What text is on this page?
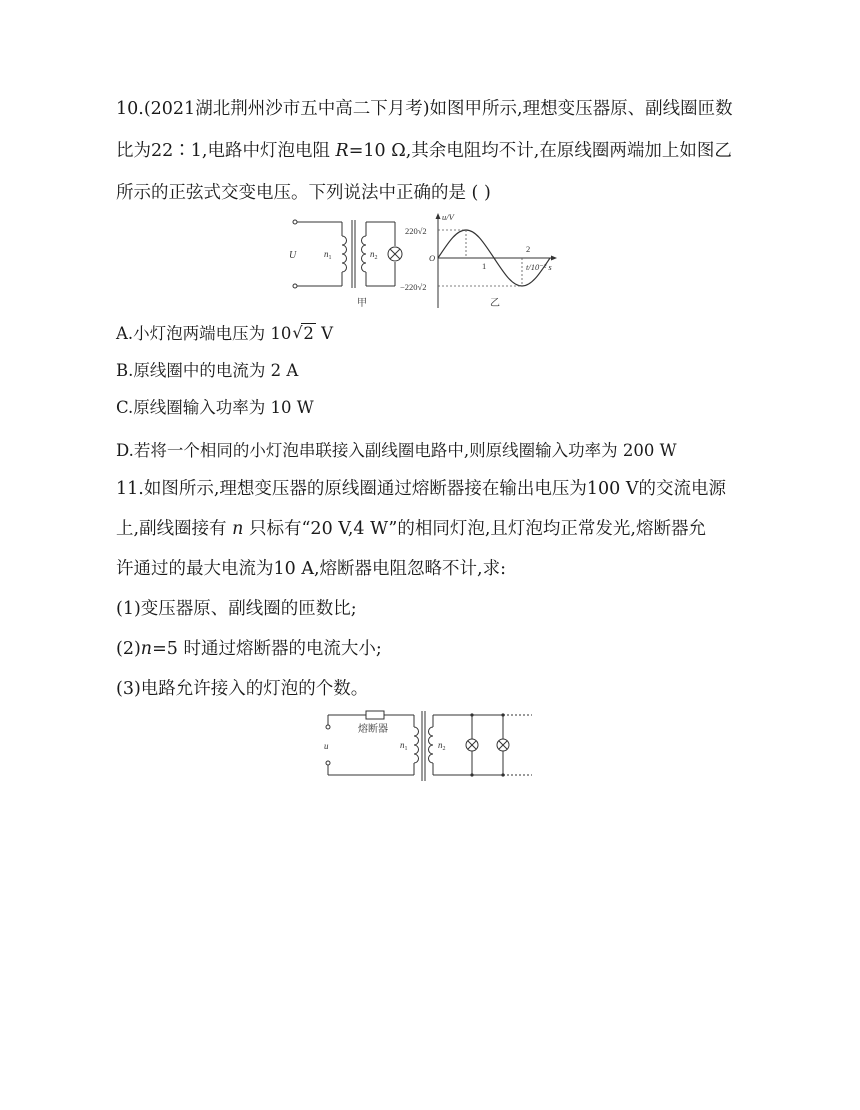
10.(2021湖北荆州沙市五中高二下月考)如图甲所示,理想变压器原、副线圈匝数
比为22∶1,电路中灯泡电阻 R=10 Ω,其余电阻均不计,在原线圈两端加上如图乙
所示的正弦式交变电压。下列说法中正确的是 ( )
U	$n_1$	$n_2$
甲
u/V
220√2
−220√2
O
1
2
t/10⁻² s
乙
A.小灯泡两端电压为 10 √ 2 V
B.原线圈中的电流为 2 A
C.原线圈输入功率为 10 W
D.若将一个相同的小灯泡串联接入副线圈电路中,则原线圈输入功率为 200 W
11.如图所示,理想变压器的原线圈通过熔断器接在输出电压为100 V的交流电源
上,副线圈接有 n 只标有“20 V,4 W”的相同灯泡,且灯泡均正常发光,熔断器允
许通过的最大电流为10 A,熔断器电阻忽略不计,求:
(1)变压器原、副线圈的匝数比;
(2)n=5 时通过熔断器的电流大小;
(3)电路允许接入的灯泡的个数。
熔断器
u	$n_1$	$n_2$
